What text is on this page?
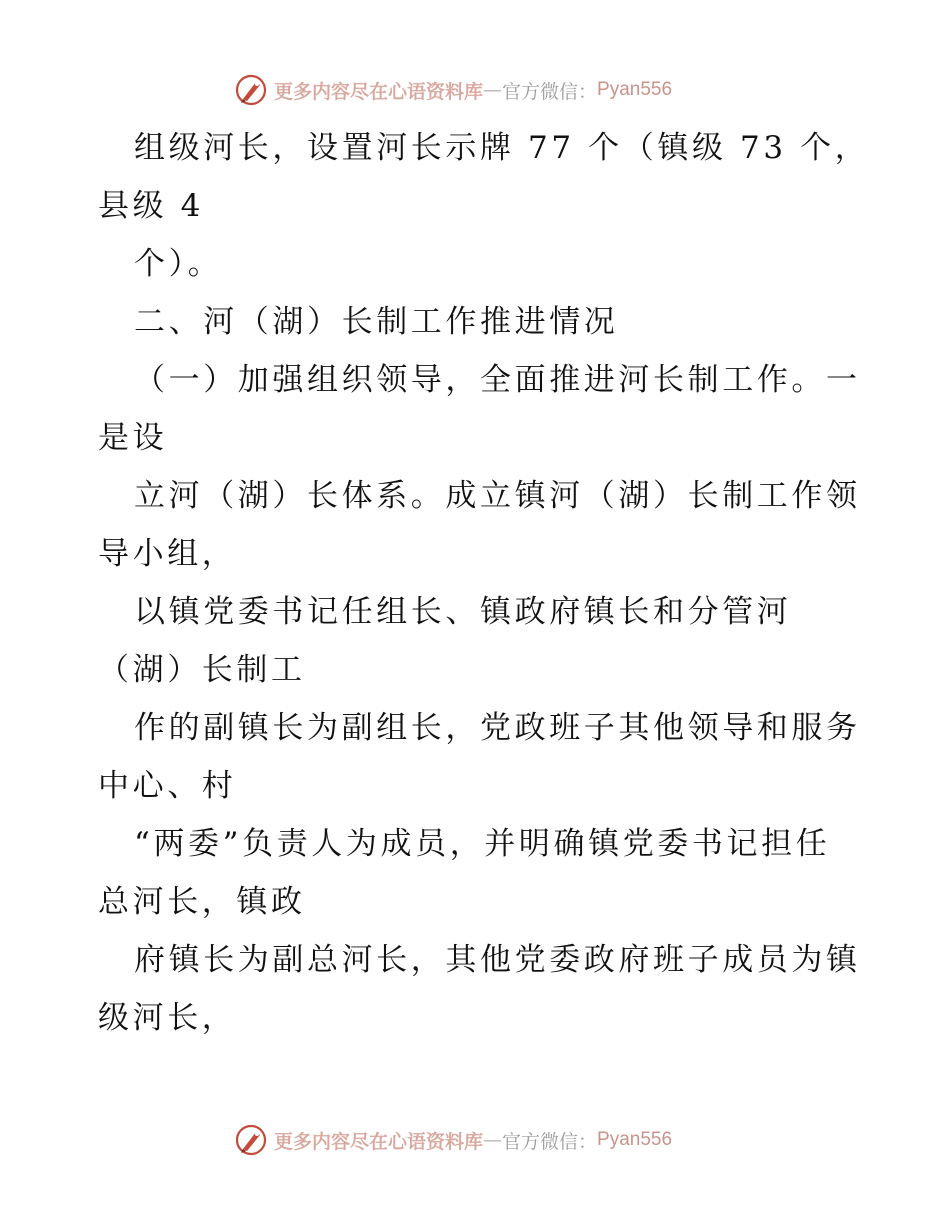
更多内容尽在心语资料库 — 官方微信： Pyan556
组级河长，设置河长示牌 77 个（镇级 73 个，
县级 4
个）。
二、河（湖）长制工作推进情况
（一）加强组织领导，全面推进河长制工作。一
是设
立河（湖）长体系。成立镇河（湖）长制工作领
导小组，
以镇党委书记任组长、镇政府镇长和分管河
（湖）长制工
作的副镇长为副组长，党政班子其他领导和服务
中心、村
“两委”负责人为成员，并明确镇党委书记担任
总河长，镇政
府镇长为副总河长，其他党委政府班子成员为镇
级河长，
更多内容尽在心语资料库 — 官方微信： Pyan556
